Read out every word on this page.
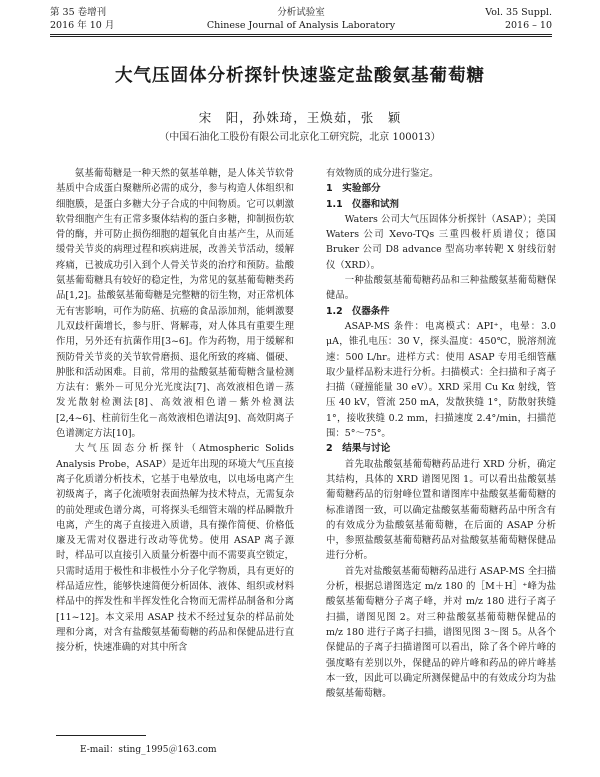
第 35 卷增刊
2016 年 10 月
分析试验室
Chinese Journal of Analysis Laboratory
Vol. 35 Suppl.
2016 – 10
大气压固体分析探针快速鉴定盐酸氨基葡萄糖
宋　阳，孙姝琦，王焕茹，张　颖
（中国石油化工股份有限公司北京化工研究院，北京 100013）

氨基葡萄糖是一种天然的氨基单糖，是人体关节软骨基质中合成蛋白聚糖所必需的成分，参与构造人体组织和细胞膜，是蛋白多糖大分子合成的中间物质。它可以刺激软骨细胞产生有正常多聚体结构的蛋白多糖，抑制损伤软骨的酶，并可防止损伤细胞的超氧化自由基产生，从而延缓骨关节炎的病理过程和疾病进展，改善关节活动，缓解疼痛，已被成功引入到个人骨关节炎的治疗和预防。盐酸氨基葡萄糖具有较好的稳定性，为常见的氨基葡萄糖类药品[1,2]。盐酸氨基葡萄糖是完整糖的衍生物，对正常机体无有害影响，可作为防癌、抗癌的食品添加剂，能刺激婴儿双歧杆菌增长，参与肝、肾解毒，对人体具有重要生理作用，另外还有抗菌作用[3~6]。作为药物，用于缓解和预防骨关节炎的关节软骨磨损、退化所致的疼痛、僵硬、肿胀和活动困难。目前，常用的盐酸氨基葡萄糖含量检测方法有：紫外－可见分光光度法[7]、高效液相色谱－蒸发光散射检测法[8]、高效液相色谱－紫外检测法[2,4~6]、柱前衍生化－高效液相色谱法[9]、高效阴离子色谱测定方法[10]。

大气压固态分析探针（Atmospheric Solids Analysis Probe，ASAP）是近年出现的环境大气压直接离子化质谱分析技术，它基于电晕放电，以电场电离产生初级离子，离子化流喷射表面热解为技术特点，无需复杂的前处理或色谱分离，可将探头毛细管末端的样品瞬散升电离，产生的离子直接进入质谱，具有操作简便、价格低廉及无需对仪器进行改动等优势。使用 ASAP 离子源时，样品可以直接引入质量分析器中而不需要真空锁定，只需时适用于极性和非极性小分子化学物质，具有更好的样品适应性，能够快速简便分析固体、液体、组织或材料样品中的挥发性和半挥发性化合物而无需样品制备和分离[11~12]。本文采用 ASAP 技术不经过复杂的样品前处理和分离，对含有盐酸氨基葡萄糖的药品和保健品进行直接分析，快速准确的对其中所含

有效物质的成分进行鉴定。

1　实验部分
1.1　仪器和试剂

Waters 公司大气压固体分析探针（ASAP）；美国 Waters 公司 Xevo-TQs 三重四极杆质谱仪；德国 Bruker 公司 D8 advance 型高功率转靶 X 射线衍射仪（XRD）。

一种盐酸氨基葡萄糖药品和三种盐酸氨基葡萄糖保健品。

1.2　仪器条件

ASAP-MS 条件：电离模式：API⁺，电晕：3.0 μA，锥孔电压：30 V，探头温度：450℃，脱溶剂流速：500 L/hr。进样方式：使用 ASAP 专用毛细管蘸取少量样品粉末进行分析。扫描模式：全扫描和子离子扫描（碰撞能量 30 eV）。XRD 采用 Cu Kα 射线，管压 40 kV，管流 250 mA，发散狭缝 1°，防散射狭缝 1°，接收狭缝 0.2 mm，扫描速度 2.4°/min，扫描范围：5°～75°。

2　结果与讨论

首先取盐酸氨基葡萄糖药品进行 XRD 分析，确定其结构，具体的 XRD 谱图见图 1。可以看出盐酸氨基葡萄糖药品的衍射峰位置和谱图库中盐酸氨基葡萄糖的标准谱图一致，可以确定盐酸氨基葡萄糖药品中所含有的有效成分为盐酸氨基葡萄糖，在后面的 ASAP 分析中，参照盐酸氨基葡萄糖药品对盐酸氨基葡萄糖保健品进行分析。

首先对盐酸氨基葡萄糖药品进行 ASAP-MS 全扫描分析，根据总谱图选定 m/z 180 的［M＋H］⁺峰为盐酸氨基葡萄糖分子离子峰，并对 m/z 180 进行子离子扫描，谱图见图 2。对三种盐酸氨基葡萄糖保健品的 m/z 180 进行子离子扫描，谱图见图 3～图 5。从各个保健品的子离子扫描谱图可以看出，除了各个碎片峰的强度略有差别以外，保健品的碎片峰和药品的碎片峰基本一致，因此可以确定所测保健品中的有效成分均为盐酸氨基葡萄糖。

E-mail：sting_1995＠163.com
